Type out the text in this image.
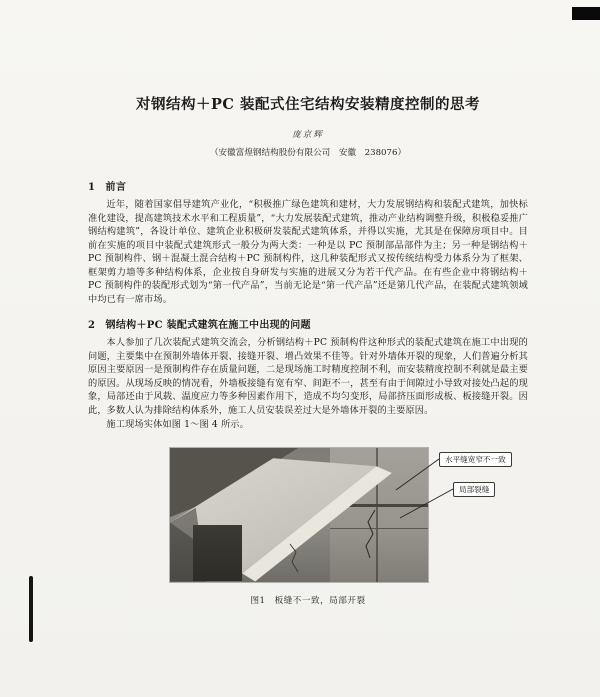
对钢结构＋PC 装配式住宅结构安装精度控制的思考
庞京辉
（安徽富煌钢结构股份有限公司　安徽　238076）
1　前言

近年，随着国家倡导建筑产业化，“积极推广绿色建筑和建材，大力发展钢结构和装配式建筑，加快标准化建设，提高建筑技术水平和工程质量”，“大力发展装配式建筑，推动产业结构调整升级，积极稳妥推广钢结构建筑”，各设计单位、建筑企业积极研发装配式建筑体系，并得以实施，尤其是在保障房项目中。目前在实施的项目中装配式建筑形式一般分为两大类：一种是以 PC 预制部品部件为主；另一种是钢结构＋PC 预制构件、钢＋混凝土混合结构＋PC 预制构件，这几种装配形式又按传统结构受力体系分为了框架、框架剪力墙等多种结构体系，企业按自身研发与实施的进展又分为若干代产品。在有些企业中将钢结构＋PC 预制构件的装配形式划为“第一代产品”，当前无论是“第一代产品”还是第几代产品，在装配式建筑领域中均已有一席市场。

2　钢结构＋PC 装配式建筑在施工中出现的问题

本人参加了几次装配式建筑交流会，分析钢结构＋PC 预制构件这种形式的装配式建筑在施工中出现的问题，主要集中在预制外墙体开裂、接缝开裂、增凸效果不佳等。针对外墙体开裂的现象，人们普遍分析其原因主要原因一是预制构件存在质量问题，二是现场施工时精度控制不利，而安装精度控制不利就是最主要的原因。从现场反映的情况看，外墙板接缝有宽有窄、间距不一，甚至有由于间隙过小导致对接处凸起的现象，局部还由于风载、温度应力等多种因素作用下，造成不均匀变形，局部挤压面形成板、板接缝开裂。因此，多数人认为排除结构体系外，施工人员安装误差过大是外墙体开裂的主要原因。

施工现场实体如图 1～图 4 所示。

水平缝宽窄不一致
局部裂缝
图1　板缝不一致，局部开裂
